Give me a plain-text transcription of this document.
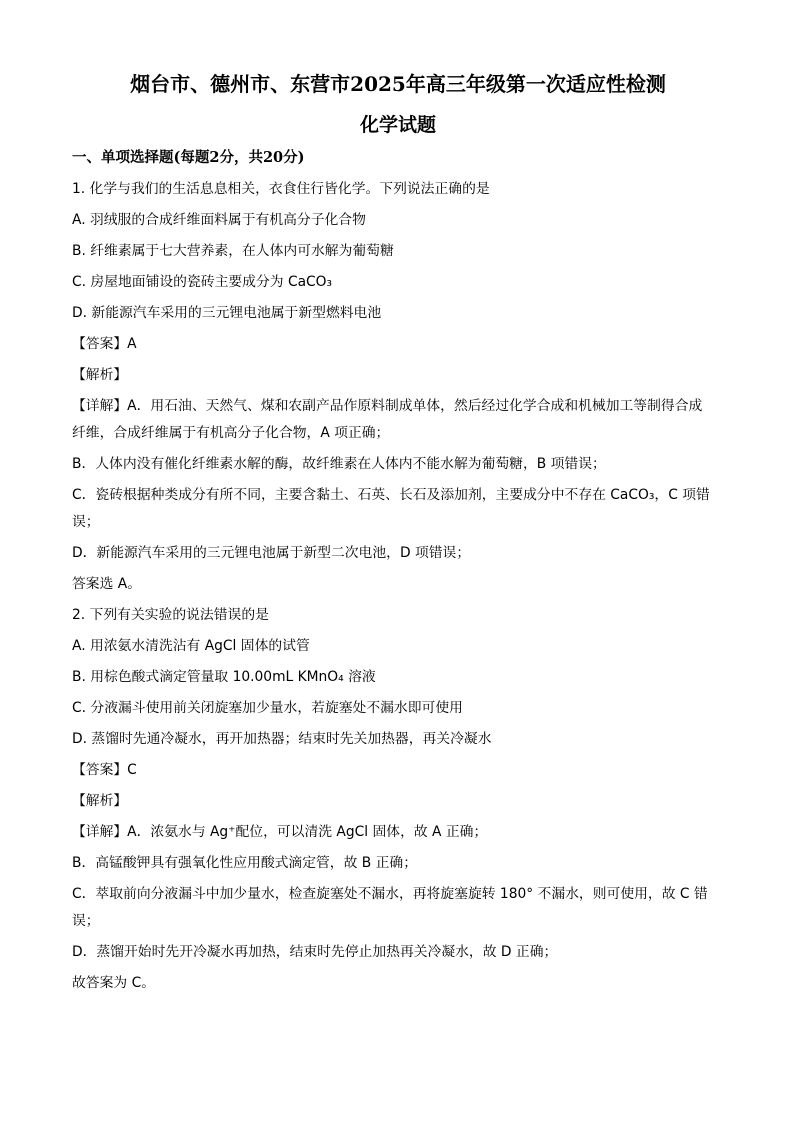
烟台市、德州市、东营市2025年高三年级第一次适应性检测
化学试题
一、单项选择题(每题2分，共20分)

1. 化学与我们的生活息息相关，衣食住行皆化学。下列说法正确的是

A. 羽绒服的合成纤维面料属于有机高分子化合物

B. 纤维素属于七大营养素，在人体内可水解为葡萄糖

C. 房屋地面铺设的瓷砖主要成分为 CaCO₃

D. 新能源汽车采用的三元锂电池属于新型燃料电池

【答案】A

【解析】

【详解】A．用石油、天然气、煤和农副产品作原料制成单体，然后经过化学合成和机械加工等制得合成

纤维，合成纤维属于有机高分子化合物，A 项正确；

B．人体内没有催化纤维素水解的酶，故纤维素在人体内不能水解为葡萄糖，B 项错误；

C．瓷砖根据种类成分有所不同，主要含黏土、石英、长石及添加剂，主要成分中不存在 CaCO₃，C 项错

误；

D．新能源汽车采用的三元锂电池属于新型二次电池，D 项错误；

答案选 A。

2. 下列有关实验的说法错误的是

A. 用浓氨水清洗沾有 AgCl 固体的试管

B. 用棕色酸式滴定管量取 10.00mL KMnO₄ 溶液

C. 分液漏斗使用前关闭旋塞加少量水，若旋塞处不漏水即可使用

D. 蒸馏时先通冷凝水，再开加热器；结束时先关加热器，再关冷凝水

【答案】C

【解析】

【详解】A．浓氨水与 Ag⁺配位，可以清洗 AgCl 固体，故 A 正确；

B．高锰酸钾具有强氧化性应用酸式滴定管，故 B 正确；

C．萃取前向分液漏斗中加少量水，检查旋塞处不漏水，再将旋塞旋转 180° 不漏水，则可使用，故 C 错

误；

D．蒸馏开始时先开冷凝水再加热，结束时先停止加热再关冷凝水，故 D 正确；

故答案为 C。
